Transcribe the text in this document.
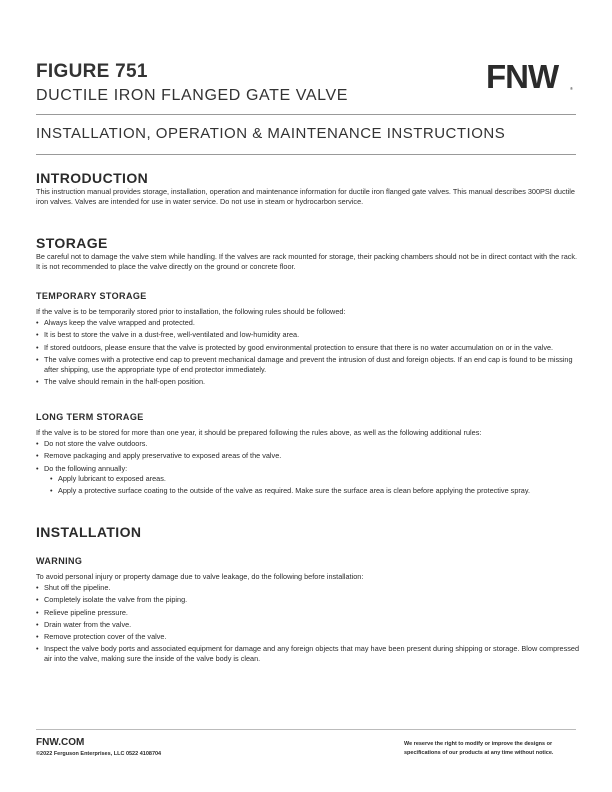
FIGURE 751
DUCTILE IRON FLANGED GATE VALVE
FNW	®
INSTALLATION, OPERATION & MAINTENANCE INSTRUCTIONS
INTRODUCTION
This instruction manual provides storage, installation, operation and maintenance information for ductile iron flanged gate valves. This manual describes 300PSI ductile iron valves. Valves are intended for use in water service. Do not use in steam or hydrocarbon service.
STORAGE
Be careful not to damage the valve stem while handling. If the valves are rack mounted for storage, their packing chambers should not be in direct contact with the rack. It is not recommended to place the valve directly on the ground or concrete floor.
TEMPORARY STORAGE
If the valve is to be temporarily stored prior to installation, the following rules should be followed:
• Always keep the valve wrapped and protected.
• It is best to store the valve in a dust-free, well-ventilated and low-humidity area.
• If stored outdoors, please ensure that the valve is protected by good environmental protection to ensure that there is no water accumulation on or in the valve.
• The valve comes with a protective end cap to prevent mechanical damage and prevent the intrusion of dust and foreign objects. If an end cap is found to be missing after shipping, use the appropriate type of end protector immediately.
• The valve should remain in the half-open position.
LONG TERM STORAGE
If the valve is to be stored for more than one year, it should be prepared following the rules above, as well as the following additional rules:
• Do not store the valve outdoors.
• Remove packaging and apply preservative to exposed areas of the valve.
• Do the following annually:
• Apply lubricant to exposed areas.
• Apply a protective surface coating to the outside of the valve as required. Make sure the surface area is clean before applying the protective spray.
INSTALLATION
WARNING
To avoid personal injury or property damage due to valve leakage, do the following before installation:
• Shut off the pipeline.
• Completely isolate the valve from the piping.
• Relieve pipeline pressure.
• Drain water from the valve.
• Remove protection cover of the valve.
• Inspect the valve body ports and associated equipment for damage and any foreign objects that may have been present during shipping or storage. Blow compressed air into the valve, making sure the inside of the valve body is clean.
FNW.COM
©2022 Ferguson Enterprises, LLC 0522 4108704
We reserve the right to modify or improve the designs or specifications of our products at any time without notice.
